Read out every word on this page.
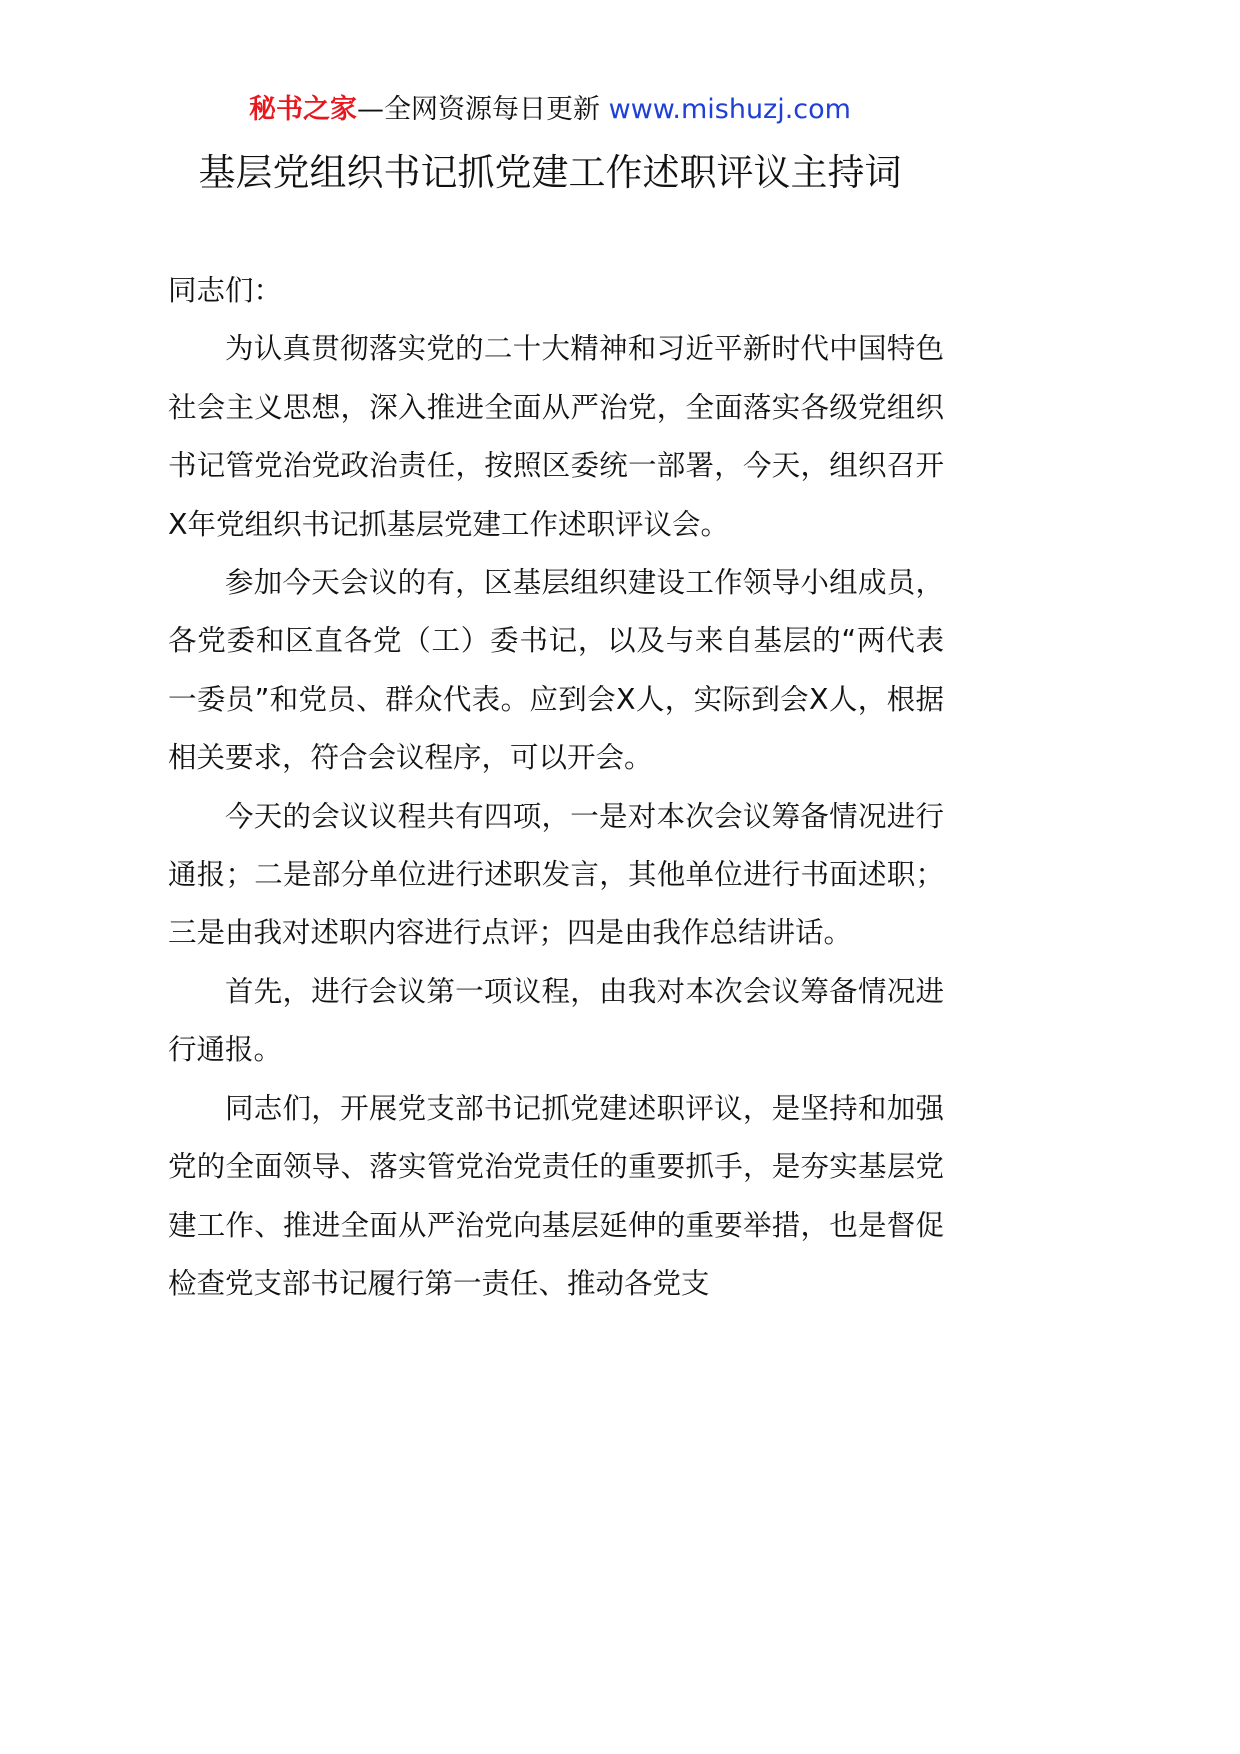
秘书之家—全网资源每日更新 www.mishuzj.com
基层党组织书记抓党建工作述职评议主持词

同志们：

为认真贯彻落实党的二十大精神和习近平新时代中国特色社会主义思想，深入推进全面从严治党，全面落实各级党组织书记管党治党政治责任，按照区委统一部署，今天，组织召开X年党组织书记抓基层党建工作述职评议会。

参加今天会议的有，区基层组织建设工作领导小组成员，各党委和区直各党（工）委书记，以及与来自基层的“两代表一委员”和党员、群众代表。应到会X人，实际到会X人，根据相关要求，符合会议程序，可以开会。

今天的会议议程共有四项，一是对本次会议筹备情况进行通报；二是部分单位进行述职发言，其他单位进行书面述职；三是由我对述职内容进行点评；四是由我作总结讲话。

首先，进行会议第一项议程，由我对本次会议筹备情况进行通报。

同志们，开展党支部书记抓党建述职评议，是坚持和加强党的全面领导、落实管党治党责任的重要抓手，是夯实基层党建工作、推进全面从严治党向基层延伸的重要举措，也是督促检查党支部书记履行第一责任、推动各党支
